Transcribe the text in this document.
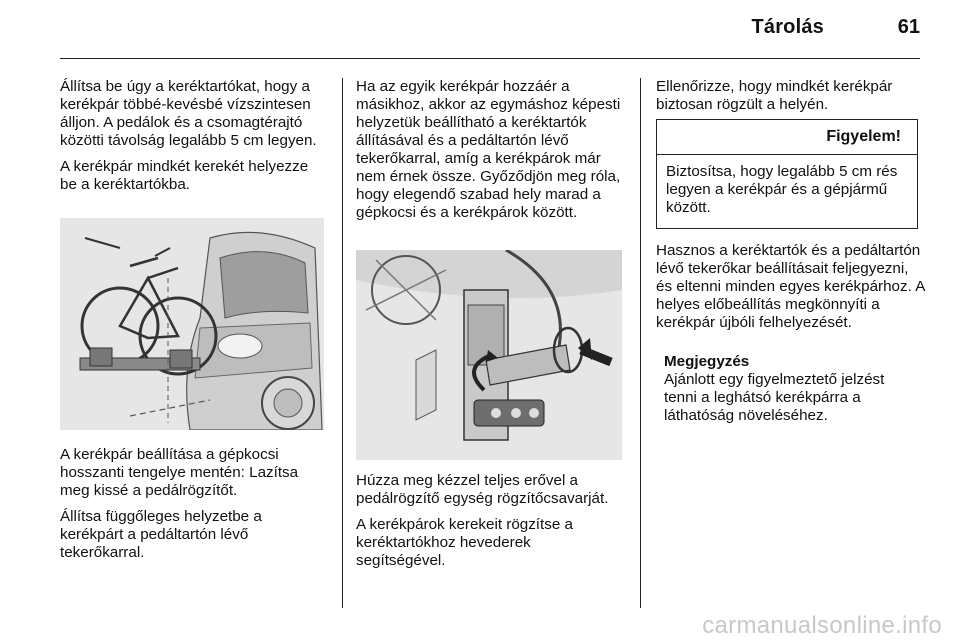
Tárolás	61

Állítsa be úgy a keréktartókat, hogy a kerékpár többé-kevésbé vízszintesen álljon. A pedálok és a csomagtérajtó közötti távolság legalább 5 cm legyen.

A kerékpár mindkét kerekét helyezze be a keréktartókba.

A kerékpár beállítása a gépkocsi hosszanti tengelye mentén: Lazítsa meg kissé a pedálrögzítőt.

Állítsa függőleges helyzetbe a kerékpárt a pedáltartón lévő tekerőkarral.

Ha az egyik kerékpár hozzáér a másikhoz, akkor az egymáshoz képesti helyzetük beállítható a keréktartók állításával és a pedáltartón lévő tekerőkarral, amíg a kerékpárok már nem érnek össze. Győződjön meg róla, hogy elegendő szabad hely marad a gépkocsi és a kerékpárok között.

Húzza meg kézzel teljes erővel a pedálrögzítő egység rögzítőcsavarját.

A kerékpárok kerekeit rögzítse a keréktartókhoz hevederek segítségével.

Ellenőrizze, hogy mindkét kerékpár biztosan rögzült a helyén.

Figyelem!
Biztosítsa, hogy legalább 5 cm rés legyen a kerékpár és a gépjármű között.

Hasznos a keréktartók és a pedáltartón lévő tekerőkar beállításait feljegyezni, és eltenni minden egyes kerékpárhoz. A helyes előbeállítás megkönnyíti a kerékpár újbóli felhelyezését.

Megjegyzés
Ajánlott egy figyelmeztető jelzést tenni a leghátsó kerékpárra a láthatóság növeléséhez.
carmanualsonline.info
